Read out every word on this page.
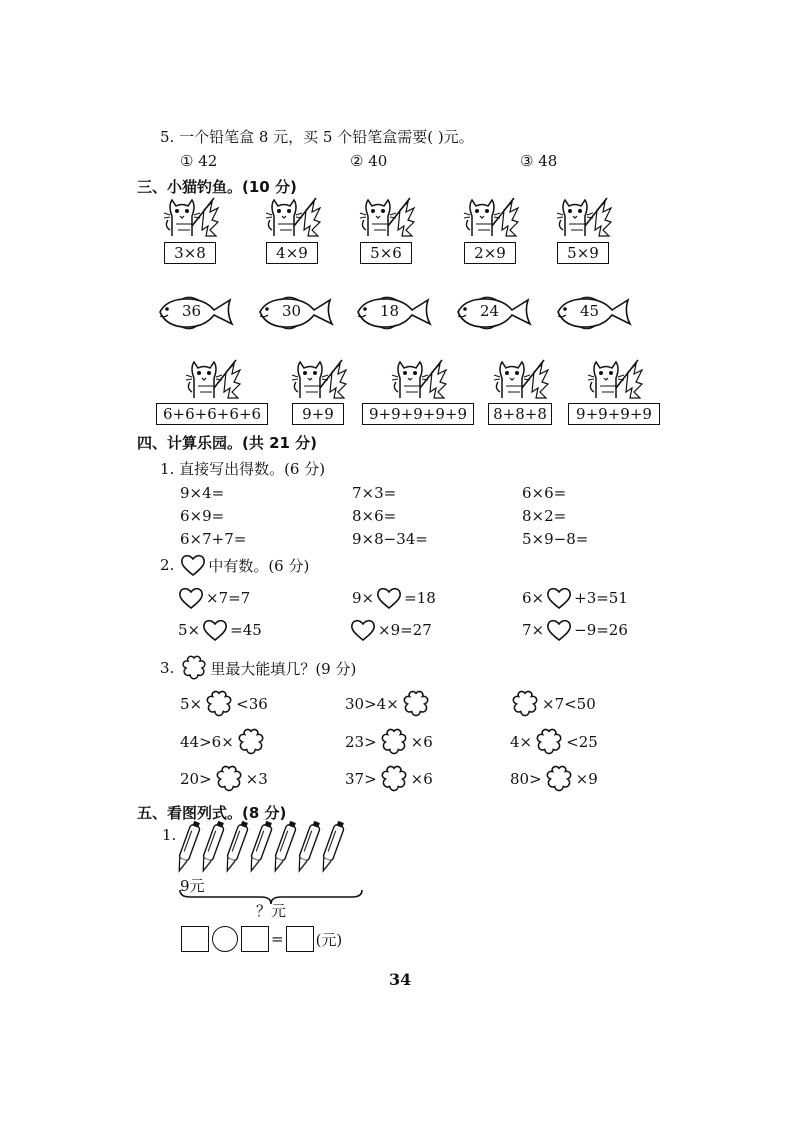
5. 一个铅笔盒 8 元，买 5 个铅笔盒需要( )元。
① 42	② 40	③ 48
三、小猫钓鱼。(10 分)
3×8	4×9	5×6	2×9	5×9
36	30	18	24	45
6+6+6+6+6	9+9	9+9+9+9+9	8+8+8	9+9+9+9
四、计算乐园。(共 21 分)
1. 直接写出得数。(6 分)
9×4=	7×3=	6×6=
6×9=	8×6=	8×2=
6×7+7=	9×8−34=	5×9−8=
2. 中有数。(6 分)
×7=7	9× =18	6× +3=51
5× =45	×9=27	7× −9=26
3. 里最大能填几？(9 分)
5× <36	30>4×	×7<50
44>6×	23> ×6	4× <25
20> ×3	37> ×6	80> ×9
五、看图列式。(8 分)
1.
9元
？元
= (元)
34
